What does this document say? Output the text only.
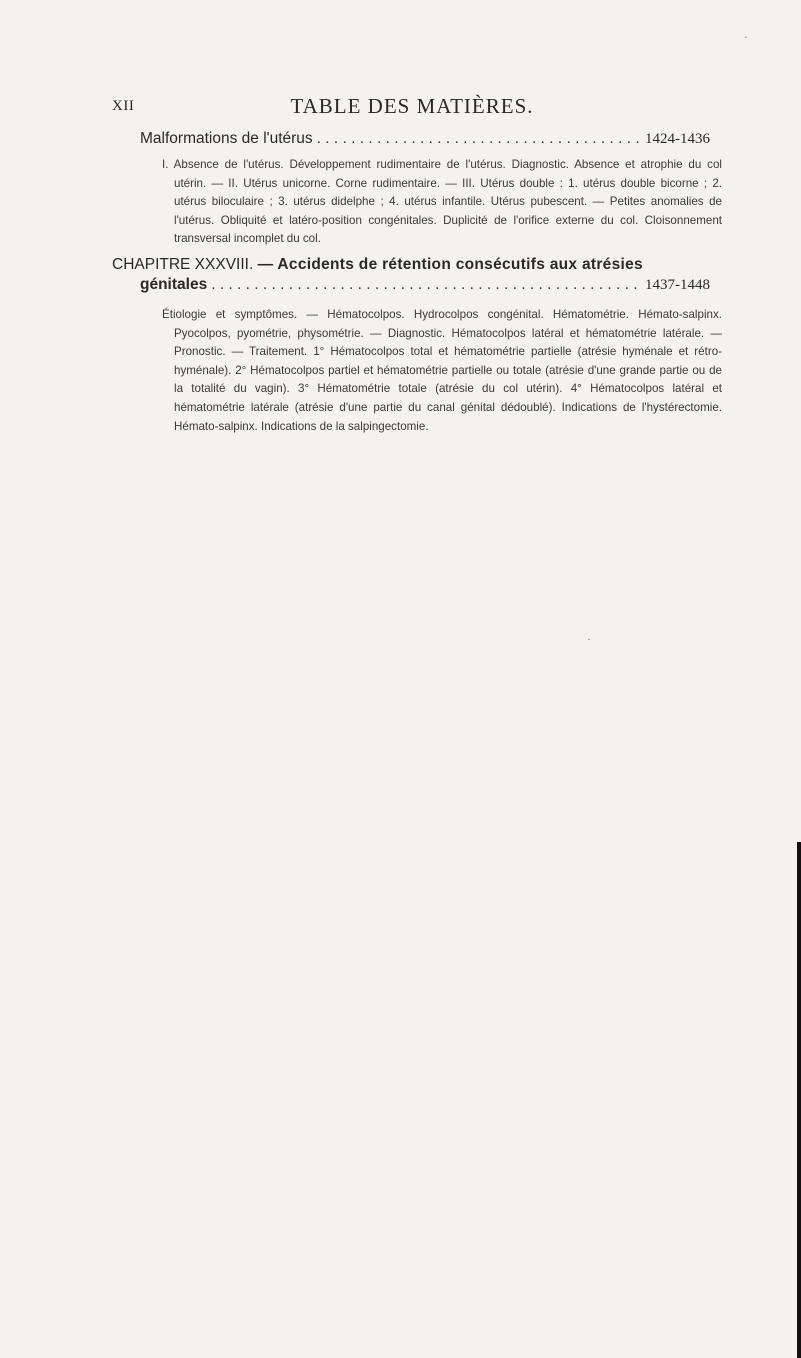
XII	TABLE DES MATIÈRES.
Malformations de l'utérus . . .	1424-1436
I. Absence de l'utérus. Développement rudimentaire de l'utérus. Diagnostic. Absence et atrophie du col utérin. — II. Utérus unicorne. Corne rudimentaire. — III. Utérus double : 1. utérus double bicorne ; 2. utérus biloculaire ; 3. utérus didelphe ; 4. utérus infantile. Utérus pubescent. — Petites anomalies de l'utérus. Obliquité et latéro-position congénitales. Duplicité de l'orifice externe du col. Cloisonnement transversal incomplet du col.
CHAPITRE XXXVIII. — Accidents de rétention consécutifs aux atrésies
génitales . . .	1437-1448
Étiologie et symptômes. — Hématocolpos. Hydrocolpos congénital. Hématométrie. Hémato-salpinx. Pyocolpos, pyométrie, physométrie. — Diagnostic. Hématocolpos latéral et hématométrie latérale. — Pronostic. — Traitement. 1° Hématocolpos total et hématométrie partielle (atrésie hyménale et rétro-hyménale). 2° Hématocolpos partiel et hématométrie partielle ou totale (atrésie d'une grande partie ou de la totalité du vagin). 3° Hématométrie totale (atrésie du col utérin). 4° Hématocolpos latéral et hématométrie latérale (atrésie d'une partie du canal génital dédoublé). Indications de l'hystérectomie. Hémato-salpinx. Indications de la salpingectomie.
·
·
